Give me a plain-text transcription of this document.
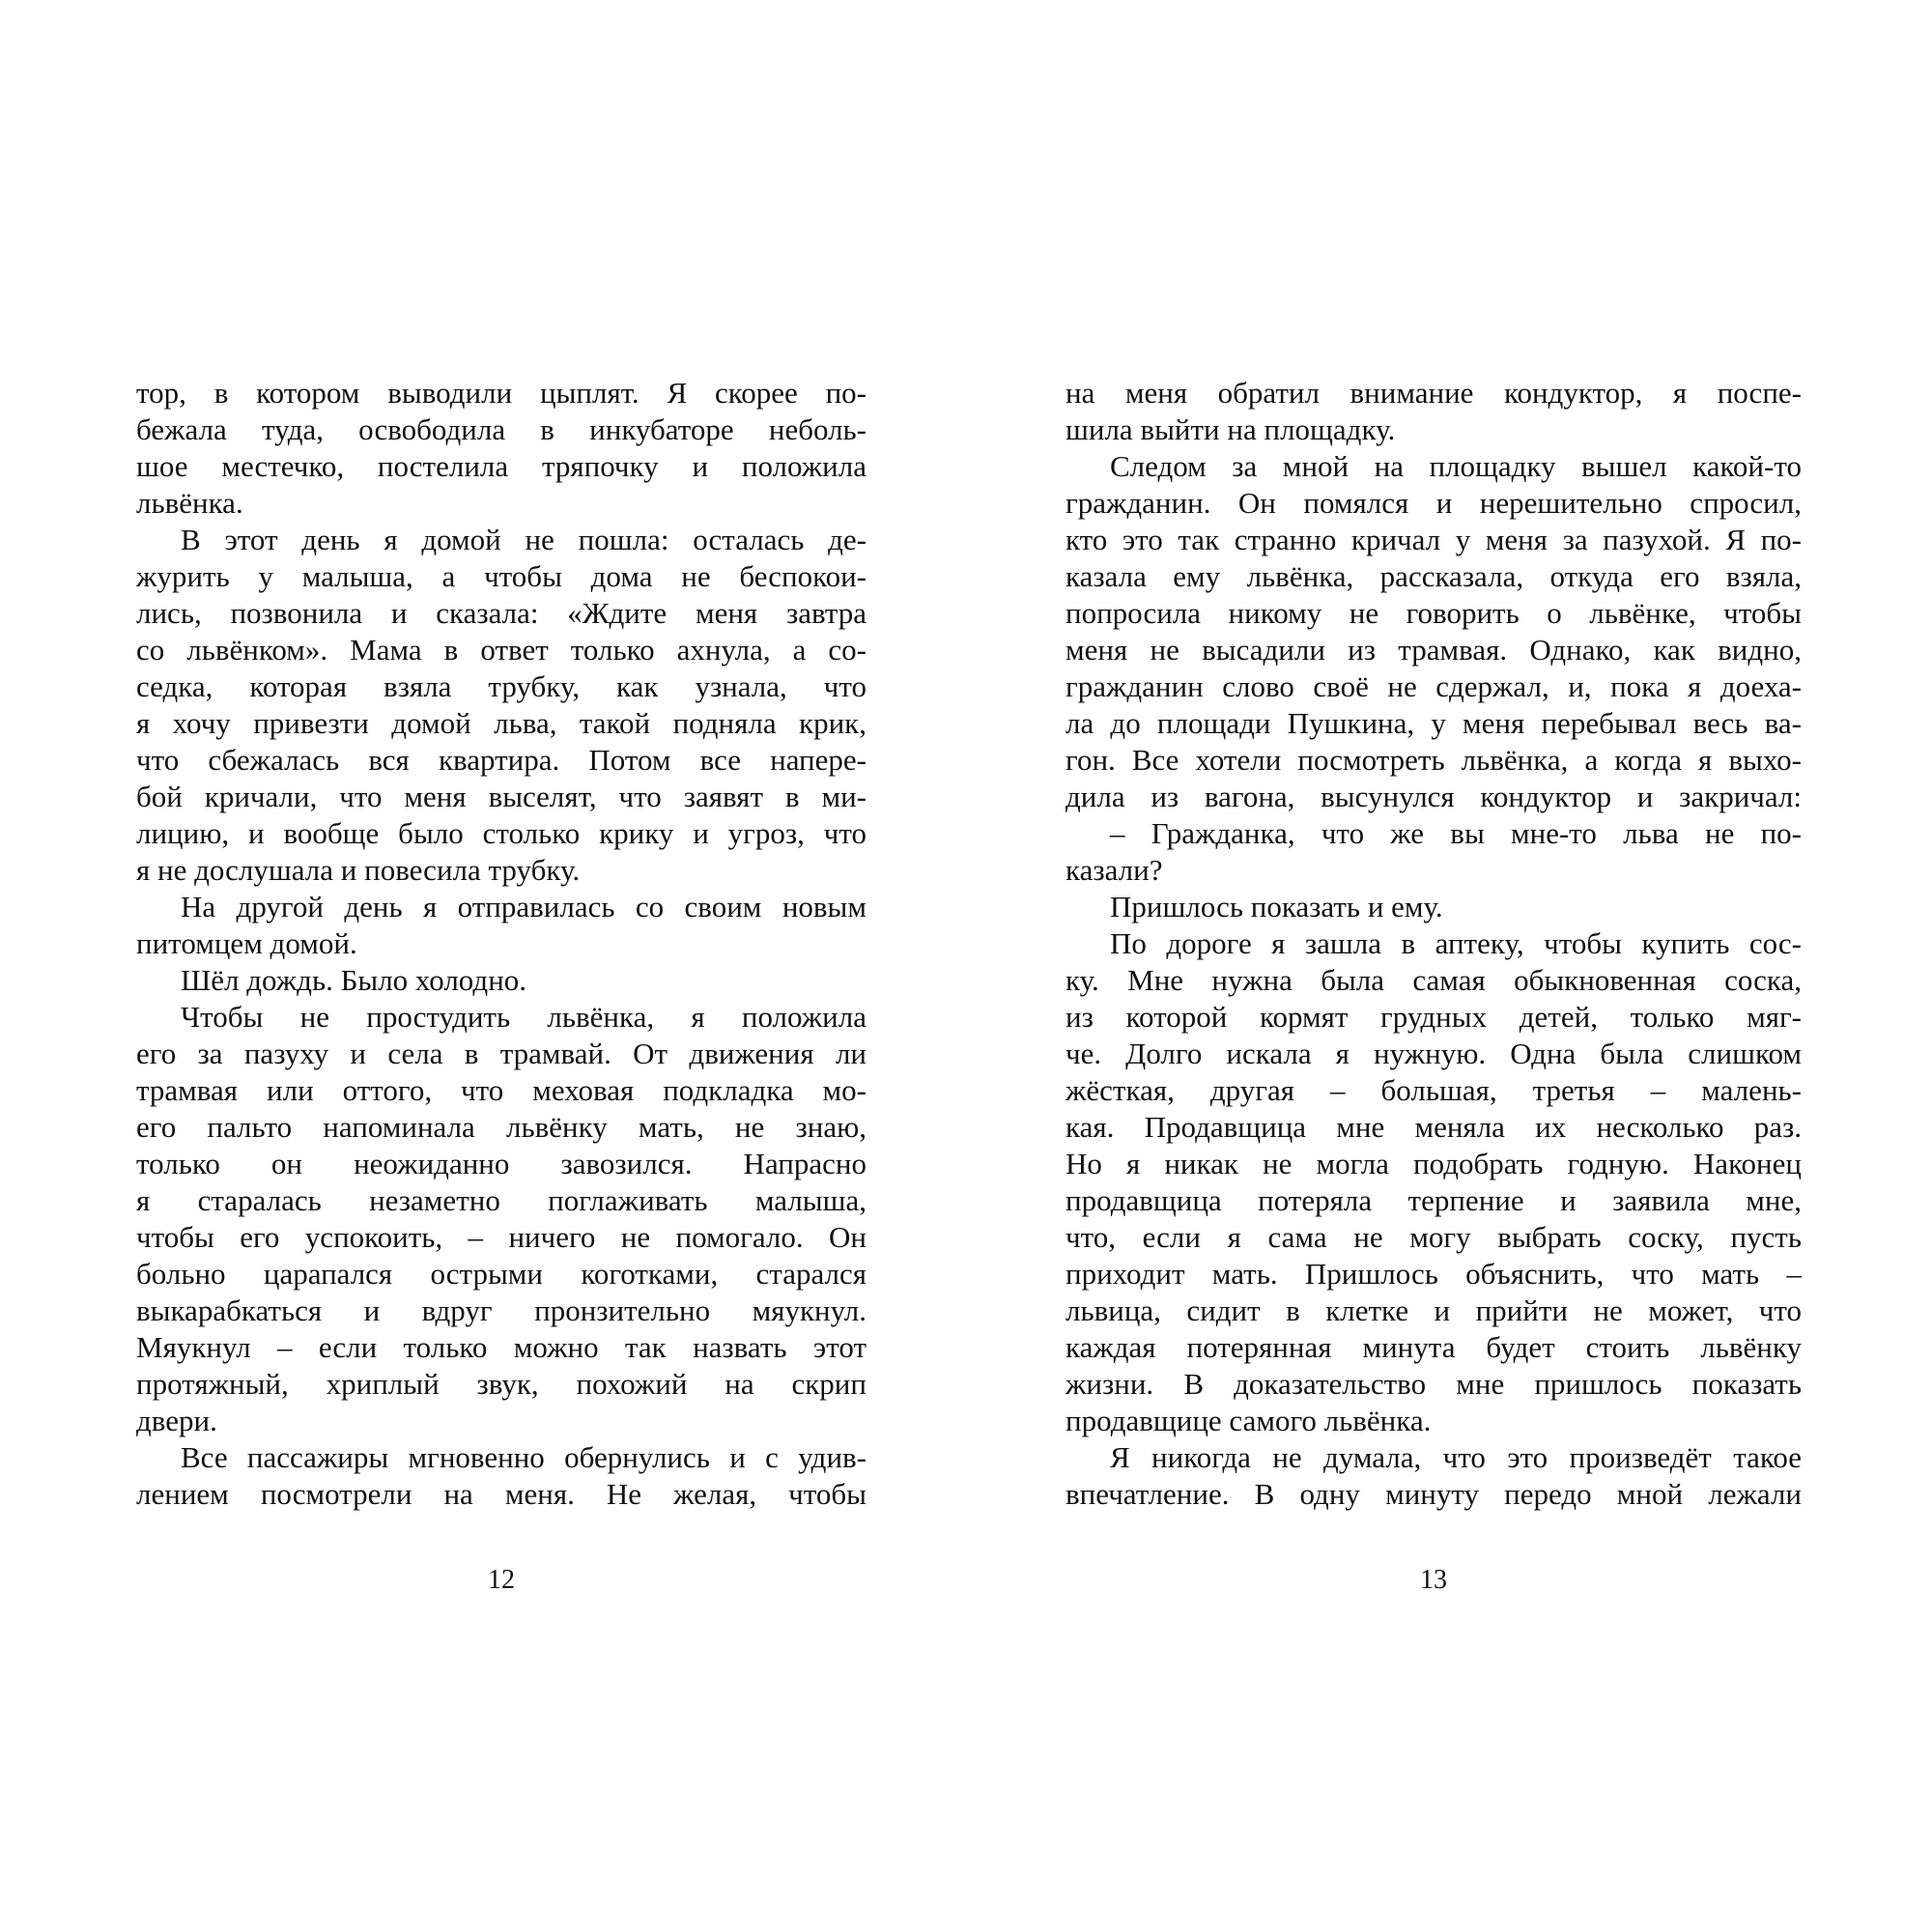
тор, в котором выводили цыплят. Я скорее по-
бежала туда, освободила в инкубаторе неболь-
шое местечко, постелила тряпочку и положила
львёнка.
В этот день я домой не пошла: осталась де-
журить у малыша, а чтобы дома не беспокои-
лись, позвонила и сказала: «Ждите меня завтра
со львёнком». Мама в ответ только ахнула, а со-
седка, которая взяла трубку, как узнала, что
я хочу привезти домой льва, такой подняла крик,
что сбежалась вся квартира. Потом все напере-
бой кричали, что меня выселят, что заявят в ми-
лицию, и вообще было столько крику и угроз, что
я не дослушала и повесила трубку.
На другой день я отправилась со своим новым
питомцем домой.
Шёл дождь. Было холодно.
Чтобы не простудить львёнка, я положила
его за пазуху и села в трамвай. От движения ли
трамвая или оттого, что меховая подкладка мо-
его пальто напоминала львёнку мать, не знаю,
только он неожиданно завозился. Напрасно
я старалась незаметно поглаживать малыша,
чтобы его успокоить, – ничего не помогало. Он
больно царапался острыми коготками, старался
выкарабкаться и вдруг пронзительно мяукнул.
Мяукнул – если только можно так назвать этот
протяжный, хриплый звук, похожий на скрип
двери.
Все пассажиры мгновенно обернулись и с удив-
лением посмотрели на меня. Не желая, чтобы
на меня обратил внимание кондуктор, я поспе-
шила выйти на площадку.
Следом за мной на площадку вышел какой-то
гражданин. Он помялся и нерешительно спросил,
кто это так странно кричал у меня за пазухой. Я по-
казала ему львёнка, рассказала, откуда его взяла,
попросила никому не говорить о львёнке, чтобы
меня не высадили из трамвая. Однако, как видно,
гражданин слово своё не сдержал, и, пока я доеха-
ла до площади Пушкина, у меня перебывал весь ва-
гон. Все хотели посмотреть львёнка, а когда я выхо-
дила из вагона, высунулся кондуктор и закричал:
– Гражданка, что же вы мне-то льва не по-
казали?
Пришлось показать и ему.
По дороге я зашла в аптеку, чтобы купить сос-
ку. Мне нужна была самая обыкновенная соска,
из которой кормят грудных детей, только мяг-
че. Долго искала я нужную. Одна была слишком
жёсткая, другая – большая, третья – малень-
кая. Продавщица мне меняла их несколько раз.
Но я никак не могла подобрать годную. Наконец
продавщица потеряла терпение и заявила мне,
что, если я сама не могу выбрать соску, пусть
приходит мать. Пришлось объяснить, что мать –
львица, сидит в клетке и прийти не может, что
каждая потерянная минута будет стоить львёнку
жизни. В доказательство мне пришлось показать
продавщице самого львёнка.
Я никогда не думала, что это произведёт такое
впечатление. В одну минуту передо мной лежали
12	13
